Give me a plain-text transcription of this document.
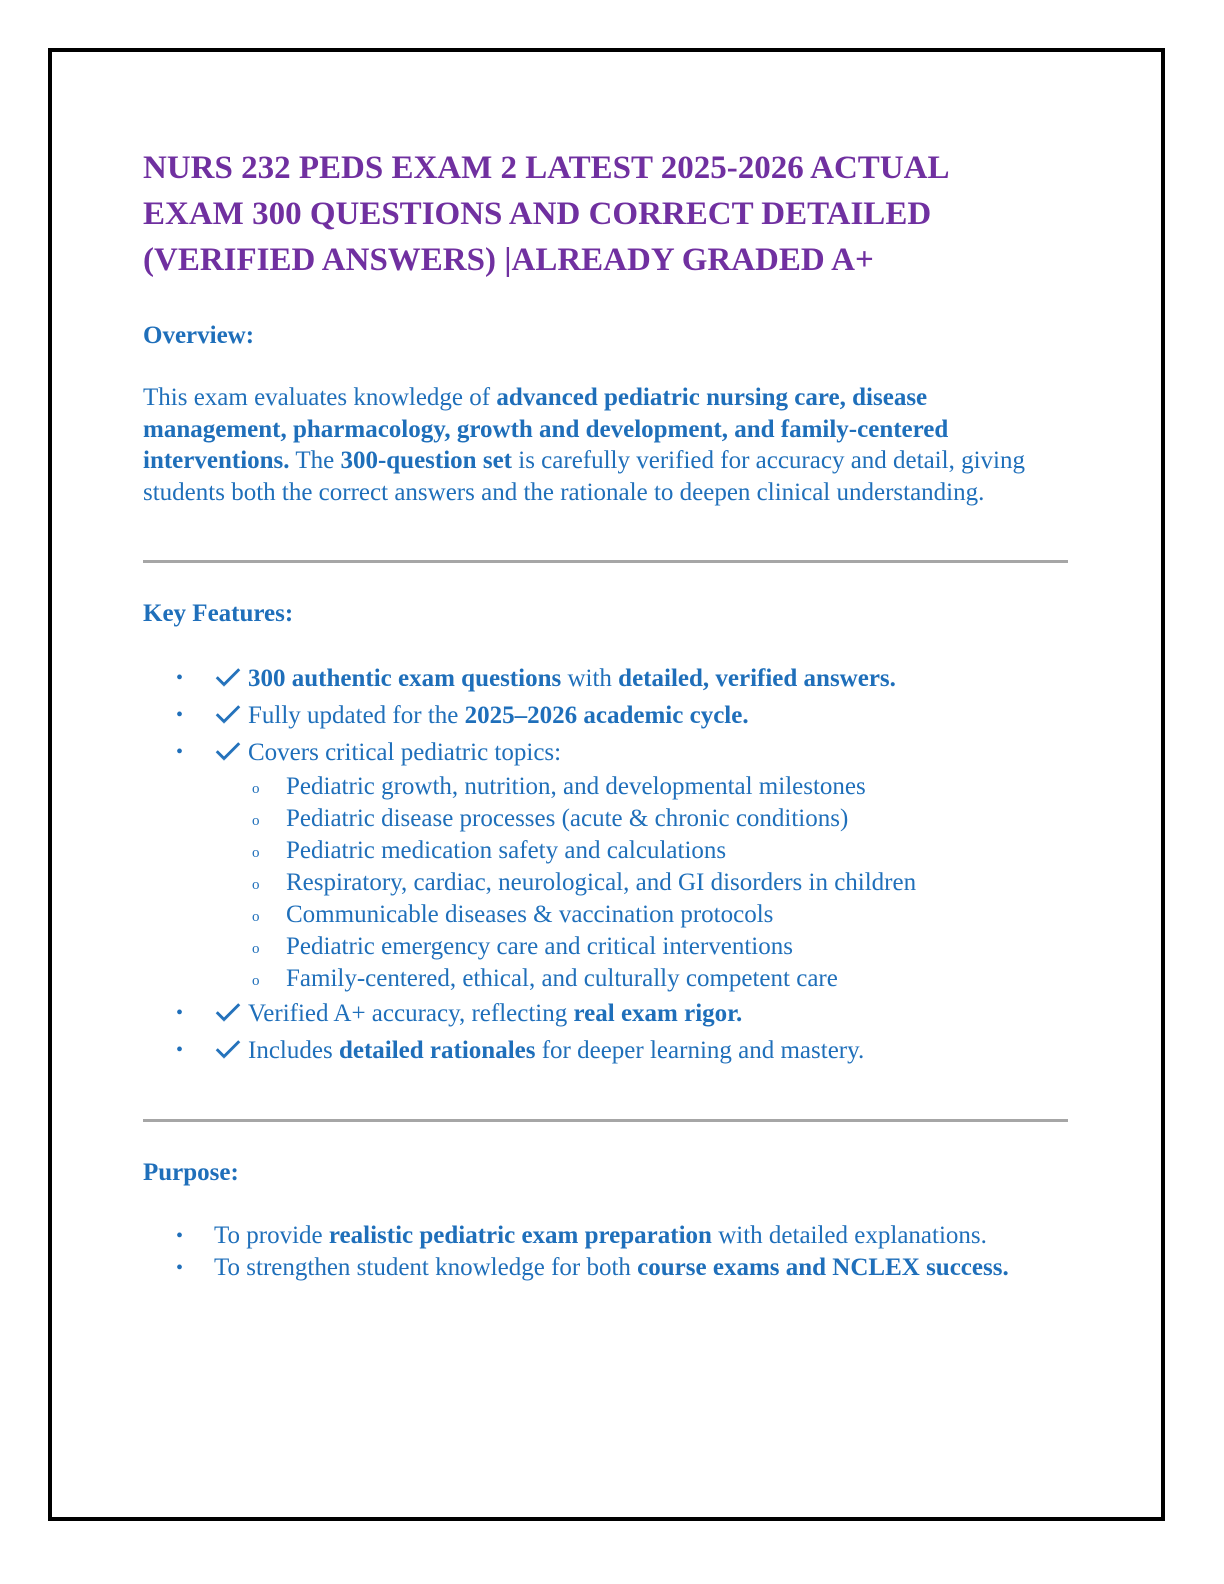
NURS 232 PEDS EXAM 2 LATEST 2025-2026 ACTUAL
EXAM 300 QUESTIONS AND CORRECT DETAILED
(VERIFIED ANSWERS) |ALREADY GRADED A+
Overview:

This exam evaluates knowledge of advanced pediatric nursing care, disease management, pharmacology, growth and development, and family-centered interventions. The 300-question set is carefully verified for accuracy and detail, giving students both the correct answers and the rationale to deepen clinical understanding.

Key Features:
• 300 authentic exam questions with detailed, verified answers.
• Fully updated for the 2025–2026 academic cycle.
• Covers critical pediatric topics:
o Pediatric growth, nutrition, and developmental milestones
o Pediatric disease processes (acute & chronic conditions)
o Pediatric medication safety and calculations
o Respiratory, cardiac, neurological, and GI disorders in children
o Communicable diseases & vaccination protocols
o Pediatric emergency care and critical interventions
o Family-centered, ethical, and culturally competent care
• Verified A+ accuracy, reflecting real exam rigor.
• Includes detailed rationales for deeper learning and mastery.
Purpose:
• To provide realistic pediatric exam preparation with detailed explanations.
• To strengthen student knowledge for both course exams and NCLEX success.
